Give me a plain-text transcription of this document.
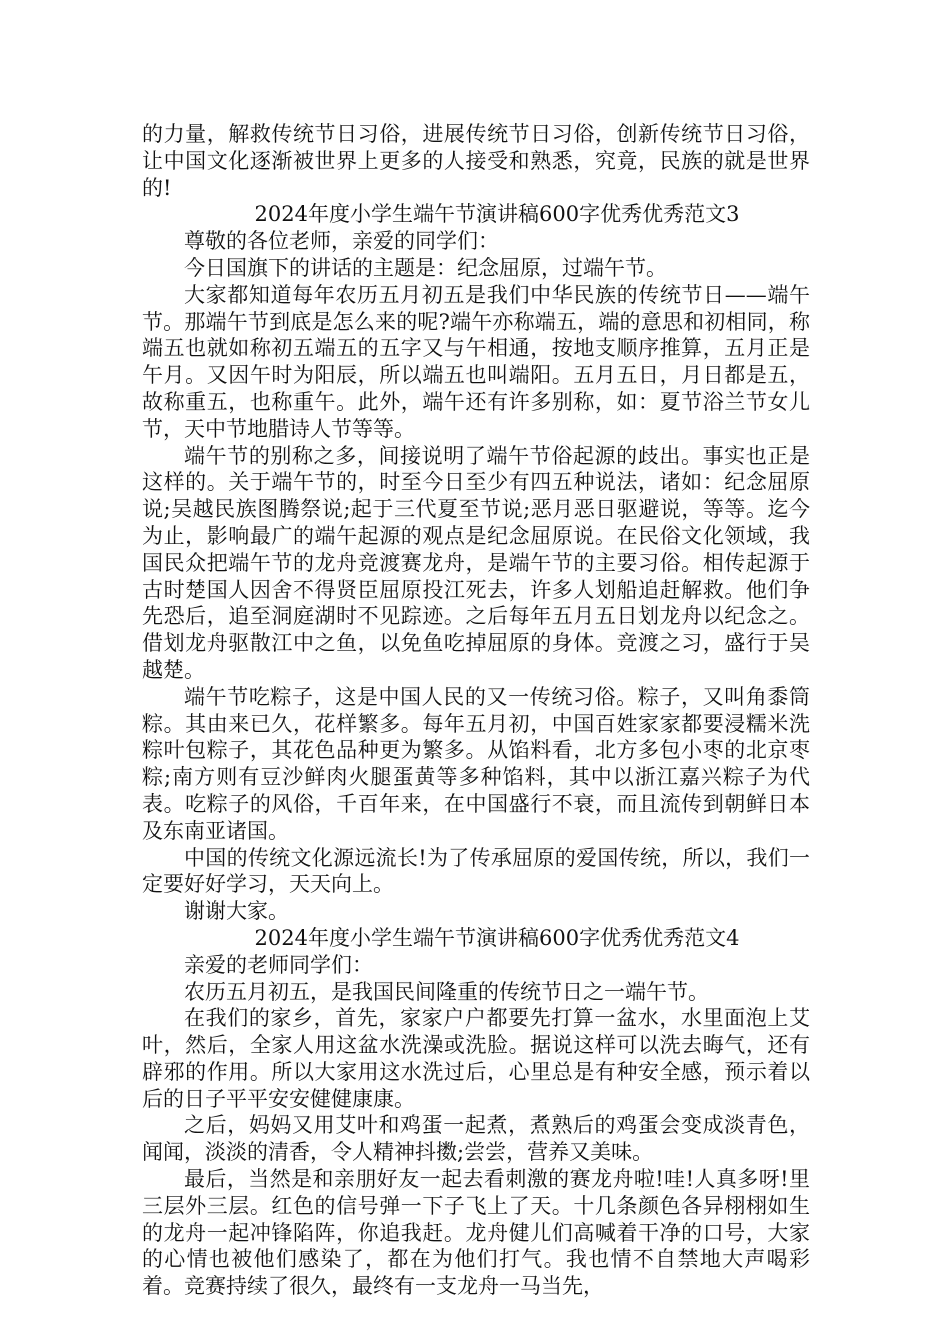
的力量，解救传统节日习俗，进展传统节日习俗，创新传统节日习俗，让中国文化逐渐被世界上更多的人接受和熟悉，究竟，民族的就是世界的!

2024年度小学生端午节演讲稿600字优秀优秀范文3

尊敬的各位老师，亲爱的同学们：

今日国旗下的讲话的主题是：纪念屈原，过端午节。

大家都知道每年农历五月初五是我们中华民族的传统节日——端午节。那端午节到底是怎么来的呢?端午亦称端五，端的意思和初相同，称端五也就如称初五端五的五字又与午相通，按地支顺序推算，五月正是午月。又因午时为阳辰，所以端五也叫端阳。五月五日，月日都是五，故称重五，也称重午。此外，端午还有许多别称，如：夏节浴兰节女儿节，天中节地腊诗人节等等。

端午节的别称之多，间接说明了端午节俗起源的歧出。事实也正是这样的。关于端午节的，时至今日至少有四五种说法，诸如：纪念屈原说;吴越民族图腾祭说;起于三代夏至节说;恶月恶日驱避说，等等。迄今为止，影响最广的端午起源的观点是纪念屈原说。在民俗文化领域，我国民众把端午节的龙舟竞渡赛龙舟，是端午节的主要习俗。相传起源于古时楚国人因舍不得贤臣屈原投江死去，许多人划船追赶解救。他们争先恐后，追至洞庭湖时不见踪迹。之后每年五月五日划龙舟以纪念之。借划龙舟驱散江中之鱼，以免鱼吃掉屈原的身体。竞渡之习，盛行于吴越楚。

端午节吃粽子，这是中国人民的又一传统习俗。粽子，又叫角黍筒粽。其由来已久，花样繁多。每年五月初，中国百姓家家都要浸糯米洗粽叶包粽子，其花色品种更为繁多。从馅料看，北方多包小枣的北京枣粽;南方则有豆沙鲜肉火腿蛋黄等多种馅料，其中以浙江嘉兴粽子为代表。吃粽子的风俗，千百年来，在中国盛行不衰，而且流传到朝鲜日本及东南亚诸国。

中国的传统文化源远流长!为了传承屈原的爱国传统，所以，我们一定要好好学习，天天向上。

谢谢大家。

2024年度小学生端午节演讲稿600字优秀优秀范文4

亲爱的老师同学们：

农历五月初五，是我国民间隆重的传统节日之一端午节。

在我们的家乡，首先，家家户户都要先打算一盆水，水里面泡上艾叶，然后，全家人用这盆水洗澡或洗脸。据说这样可以洗去晦气，还有辟邪的作用。所以大家用这水洗过后，心里总是有种安全感，预示着以后的日子平平安安健健康康。

之后，妈妈又用艾叶和鸡蛋一起煮，煮熟后的鸡蛋会变成淡青色，闻闻，淡淡的清香，令人精神抖擞;尝尝，营养又美味。

最后，当然是和亲朋好友一起去看刺激的赛龙舟啦!哇!人真多呀!里三层外三层。红色的信号弹一下子飞上了天。十几条颜色各异栩栩如生的龙舟一起冲锋陷阵，你追我赶。龙舟健儿们高喊着干净的口号，大家的心情也被他们感染了，都在为他们打气。我也情不自禁地大声喝彩着。竞赛持续了很久，最终有一支龙舟一马当先，
